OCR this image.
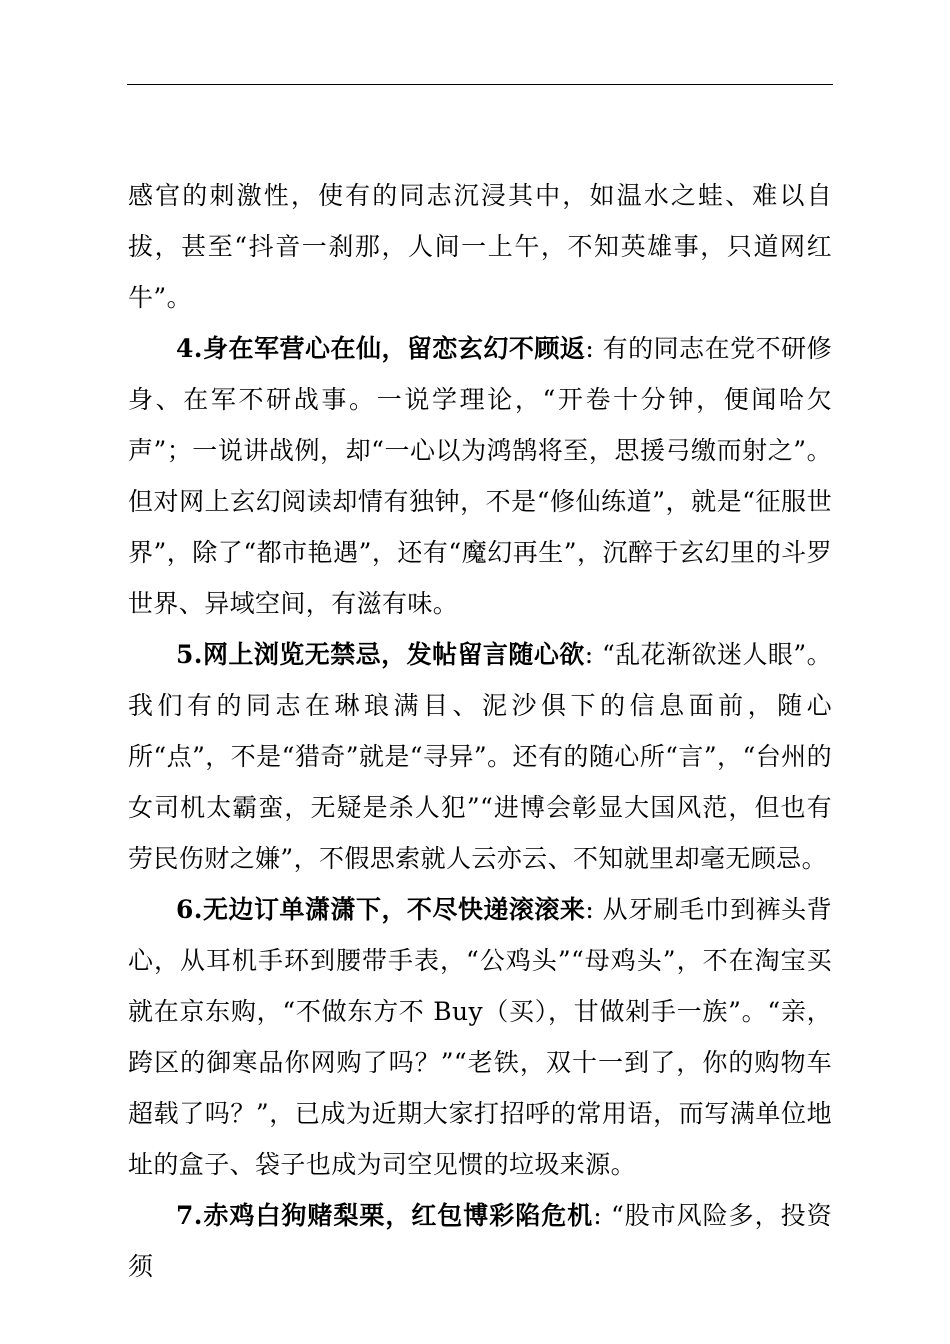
感官的刺激性，使有的同志沉浸其中，如温水之蛙、难以自拔，甚至“抖音一刹那，人间一上午，不知英雄事，只道网红牛”。

4.身在军营心在仙，留恋玄幻不顾返: 有的同志在党不研修身、在军不研战事。一说学理论，“开卷十分钟，便闻哈欠声”；一说讲战例，却“一心以为鸿鹄将至，思援弓缴而射之”。但对网上玄幻阅读却情有独钟，不是“修仙练道”，就是“征服世界”，除了“都市艳遇”，还有“魔幻再生”，沉醉于玄幻里的斗罗世界、异域空间，有滋有味。

5.网上浏览无禁忌，发帖留言随心欲: “乱花渐欲迷人眼”。我们有的同志在琳琅满目、泥沙俱下的信息面前，随心所“点”，不是“猎奇”就是“寻异”。还有的随心所“言”，“台州的女司机太霸蛮，无疑是杀人犯”“进博会彰显大国风范，但也有劳民伤财之嫌”，不假思索就人云亦云、不知就里却毫无顾忌。

6.无边订单潇潇下，不尽快递滚滚来: 从牙刷毛巾到裤头背心，从耳机手环到腰带手表，“公鸡头”“母鸡头”，不在淘宝买就在京东购，“不做东方不 Buy（买），甘做剁手一族”。“亲，跨区的御寒品你网购了吗？”“老铁，双十一到了，你的购物车超载了吗？”，已成为近期大家打招呼的常用语，而写满单位地址的盒子、袋子也成为司空见惯的垃圾来源。

7.赤鸡白狗赌梨栗，红包博彩陷危机: “股市风险多，投资须
